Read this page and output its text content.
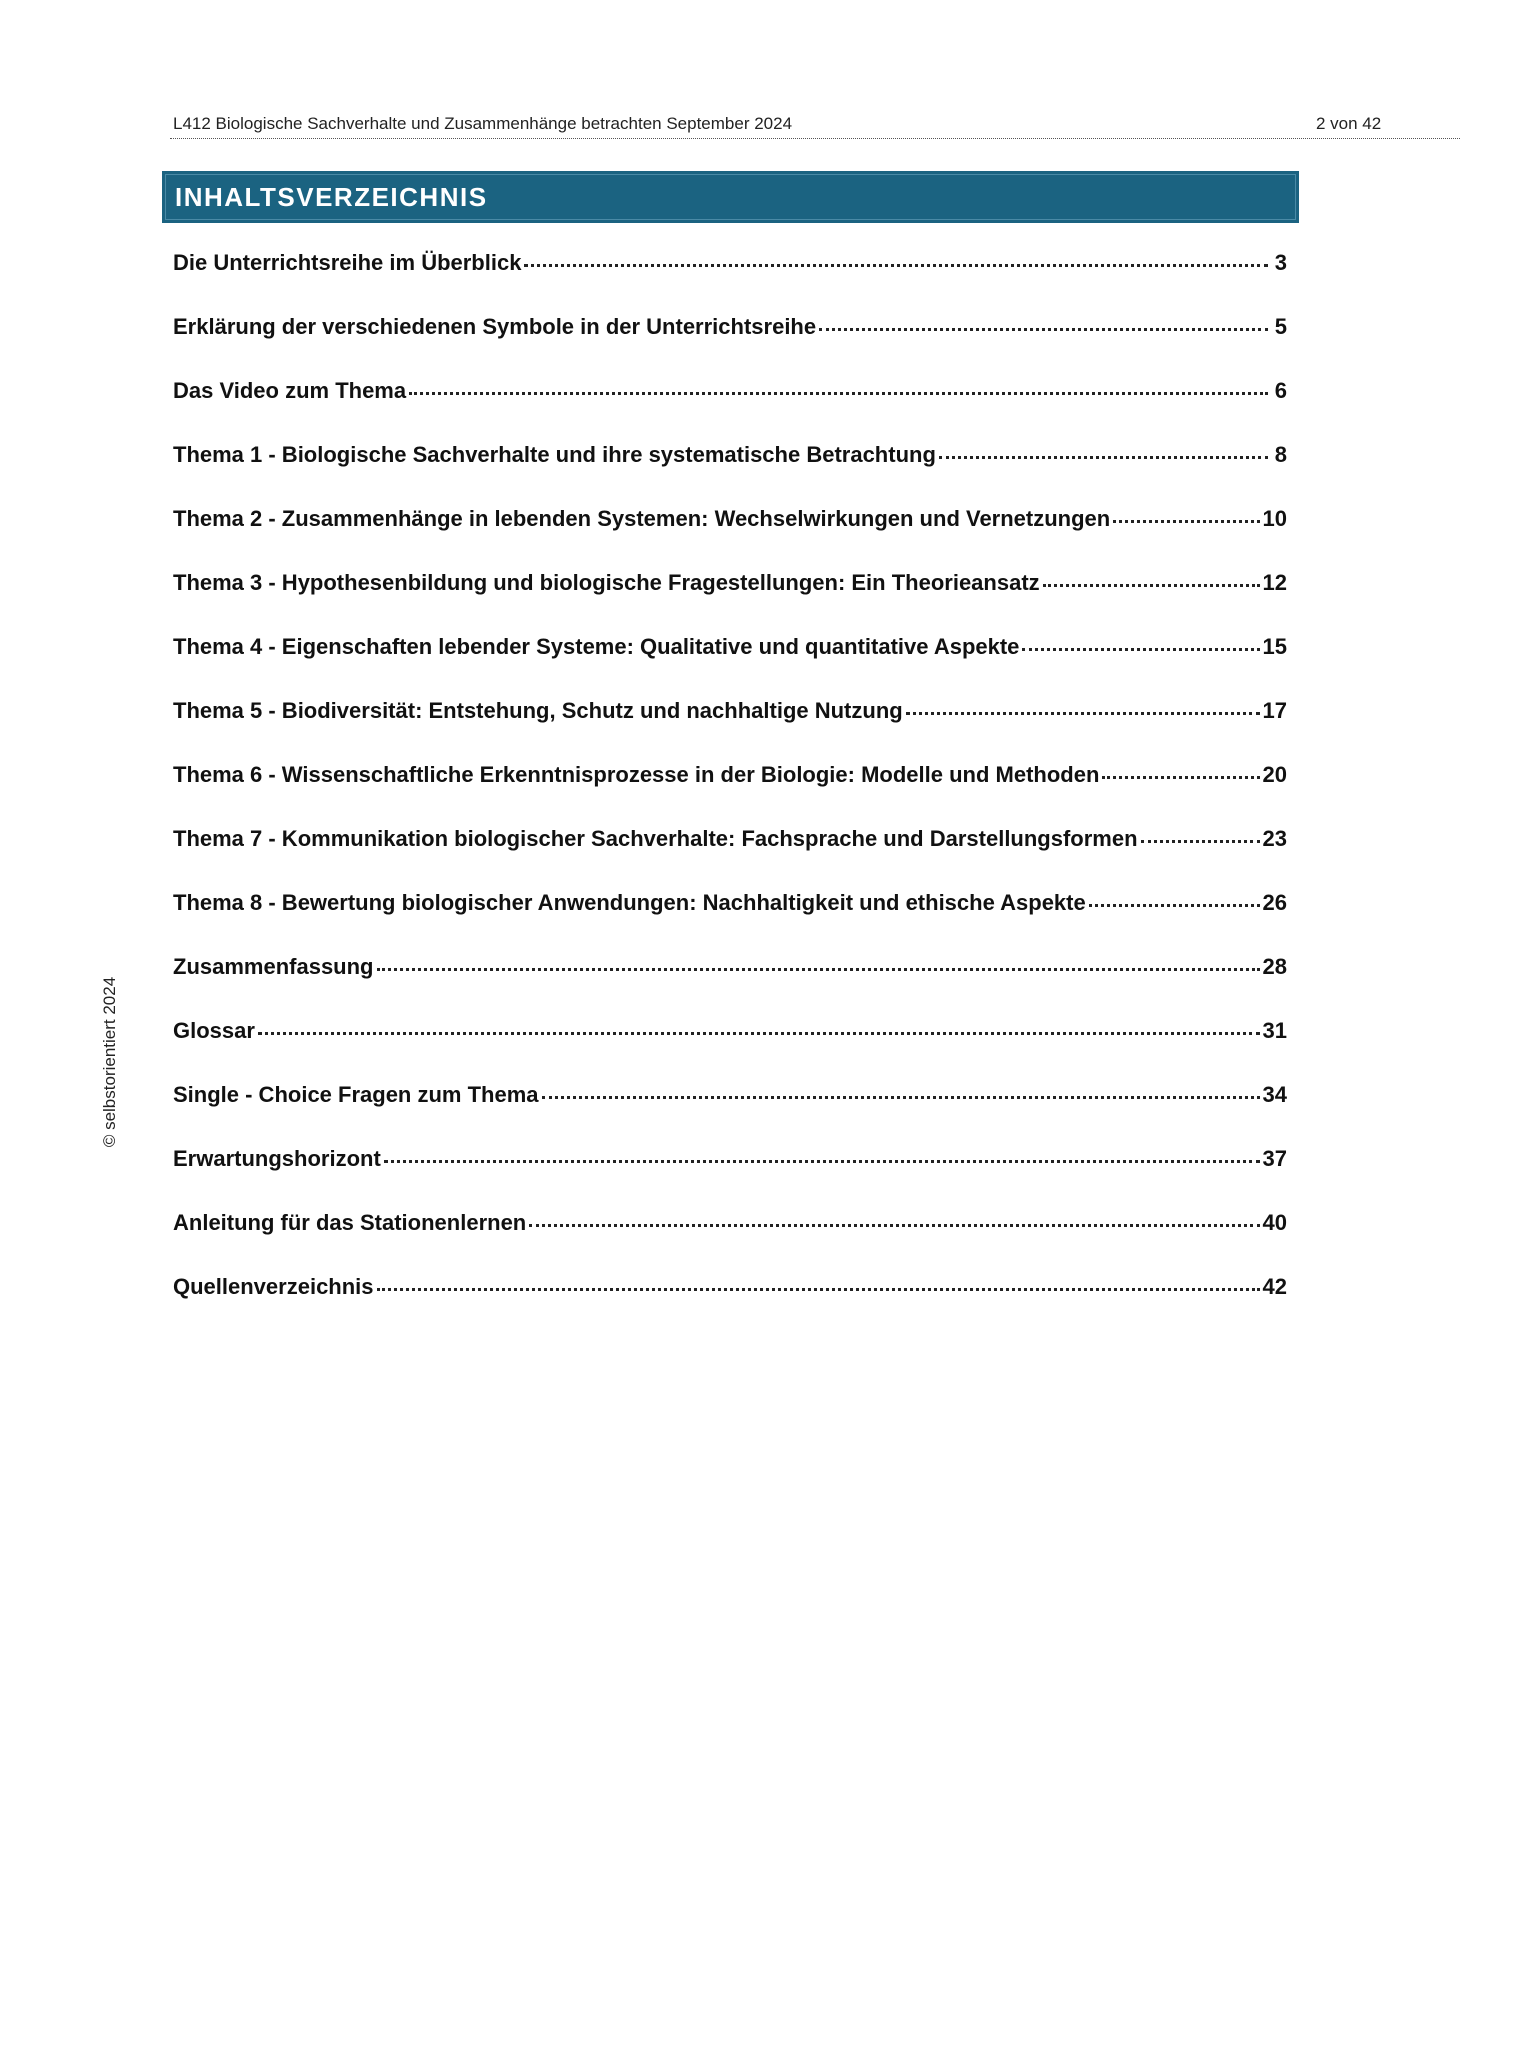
L412 Biologische Sachverhalte und Zusammenhänge betrachten September 2024	2 von 42
INHALTSVERZEICHNIS
Die Unterrichtsreihe im Überblick	3
Erklärung der verschiedenen Symbole in der Unterrichtsreihe	5
Das Video zum Thema	6
Thema 1 - Biologische Sachverhalte und ihre systematische Betrachtung	8
Thema 2 - Zusammenhänge in lebenden Systemen: Wechselwirkungen und Vernetzungen	10
Thema 3 - Hypothesenbildung und biologische Fragestellungen: Ein Theorieansatz	12
Thema 4 - Eigenschaften lebender Systeme: Qualitative und quantitative Aspekte	15
Thema 5 - Biodiversität: Entstehung, Schutz und nachhaltige Nutzung	17
Thema 6 - Wissenschaftliche Erkenntnisprozesse in der Biologie: Modelle und Methoden	20
Thema 7 - Kommunikation biologischer Sachverhalte: Fachsprache und Darstellungsformen	23
Thema 8 - Bewertung biologischer Anwendungen: Nachhaltigkeit und ethische Aspekte	26
Zusammenfassung	28
Glossar	31
Single - Choice Fragen zum Thema	34
Erwartungshorizont	37
Anleitung für das Stationenlernen	40
Quellenverzeichnis	42
© selbstorientiert 2024
